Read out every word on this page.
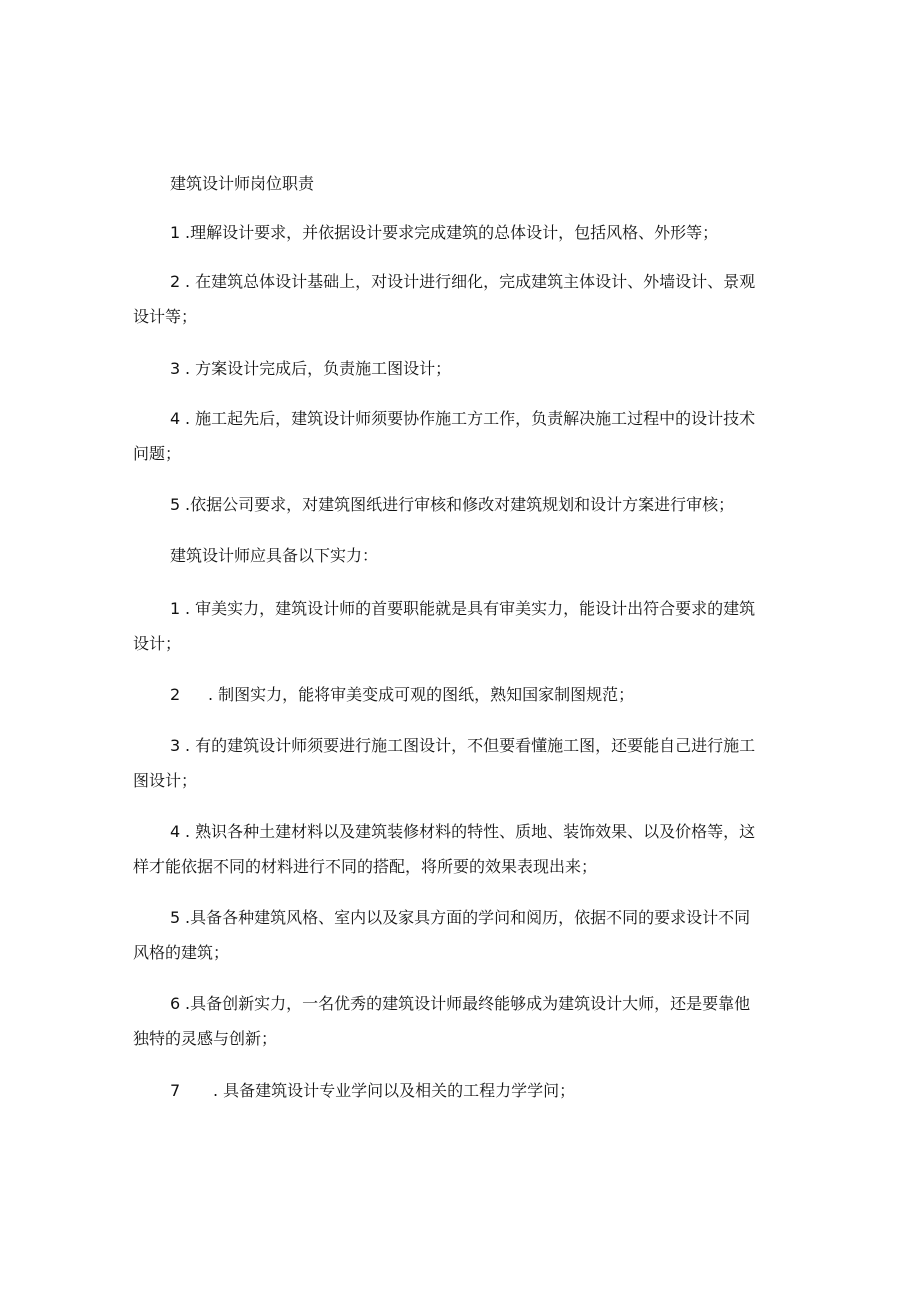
建筑设计师岗位职责
1 .理解设计要求，并依据设计要求完成建筑的总体设计，包括风格、外形等；
2 . 在建筑总体设计基础上，对设计进行细化，完成建筑主体设计、外墙设计、景观
设计等；
3 . 方案设计完成后，负责施工图设计；
4 . 施工起先后，建筑设计师须要协作施工方工作，负责解决施工过程中的设计技术
问题；
5 .依据公司要求，对建筑图纸进行审核和修改对建筑规划和设计方案进行审核；
建筑设计师应具备以下实力：
1 . 审美实力，建筑设计师的首要职能就是具有审美实力，能设计出符合要求的建筑
设计；
2 . 制图实力，能将审美变成可观的图纸，熟知国家制图规范；
3 . 有的建筑设计师须要进行施工图设计，不但要看懂施工图，还要能自己进行施工
图设计；
4 . 熟识各种土建材料以及建筑装修材料的特性、质地、装饰效果、以及价格等，这
样才能依据不同的材料进行不同的搭配，将所要的效果表现出来；
5 .具备各种建筑风格、室内以及家具方面的学问和阅历，依据不同的要求设计不同
风格的建筑；
6 .具备创新实力，一名优秀的建筑设计师最终能够成为建筑设计大师，还是要靠他
独特的灵感与创新；
7 . 具备建筑设计专业学问以及相关的工程力学学问；
